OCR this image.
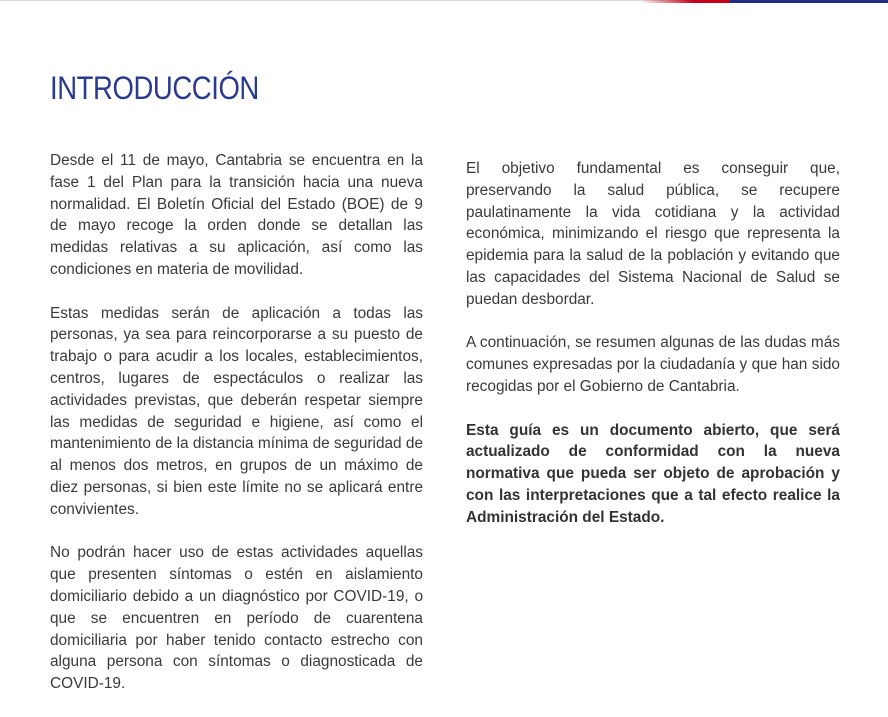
INTRODUCCIÓN

Desde el 11 de mayo, Cantabria se encuentra en la fase 1 del Plan para la transición hacia una nueva normalidad. El Boletín Oficial del Estado (BOE) de 9 de mayo recoge la orden donde se detallan las medidas relativas a su aplicación, así como las condiciones en materia de movilidad.

Estas medidas serán de aplicación a todas las personas, ya sea para reincorporarse a su puesto de trabajo o para acudir a los locales, establecimientos, centros, lugares de espectáculos o realizar las actividades previstas, que deberán respetar siempre las medidas de seguridad e higiene, así como el mantenimiento de la distancia mínima de seguridad de al menos dos metros, en grupos de un máximo de diez personas, si bien este límite no se aplicará entre convivientes.

No podrán hacer uso de estas actividades aquellas que presenten síntomas o estén en aislamiento domiciliario debido a un diagnóstico por COVID-19, o que se encuentren en período de cuarentena domiciliaria por haber tenido contacto estrecho con alguna persona con síntomas o diagnosticada de COVID-19.

El objetivo fundamental es conseguir que, preservando la salud pública, se recupere paulatinamente la vida cotidiana y la actividad económica, minimizando el riesgo que representa la epidemia para la salud de la población y evitando que las capacidades del Sistema Nacional de Salud se puedan desbordar.

A continuación, se resumen algunas de las dudas más comunes expresadas por la ciudadanía y que han sido recogidas por el Gobierno de Cantabria.

Esta guía es un documento abierto, que será actualizado de conformidad con la nueva normativa que pueda ser objeto de aprobación y con las interpretaciones que a tal efecto realice la Administración del Estado.
